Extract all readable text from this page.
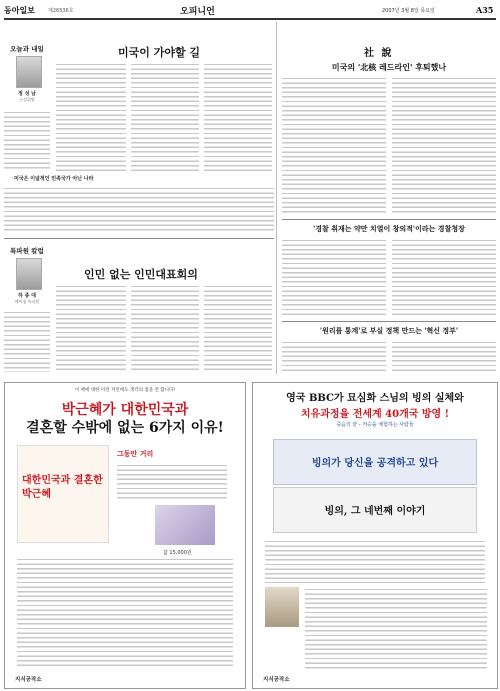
동아일보	제26536호	오피니언	2007년 3월 8일 목요일	A35
오늘과 내일
정 성 남
논설위원
미국이 가야할 길
미국은 이념적인 민족국가 아닌 나라
특파원 칼럼
하 종 대
베이징 특파원
인민 없는 인민대표회의
社 說
미국의 '北核 레드라인' 후퇴했나
'경찰 취재는 약만 치열이 창의적'이라는 경찰청장
'원리를 통계'로 부실 정책 만드는 '혁신 정부'
이 책에 대한 이런 저런에도 생각의 점을 전 합니다!
박근혜가 대한민국과
결혼할 수밖에 없는 6가지 이유!
대한민국과 결혼한 박근혜
그동안 거리
값 15,000원
지식공작소
영국 BBC가 묘심화 스님의 빙의 실체와
치유과정을 전세계 40개국 방영 !
죽음의 끝 - 저승을 체험하는 사람들
빙의가 당신을 공격하고 있다
빙의, 그 네번째 이야기
지식공작소
